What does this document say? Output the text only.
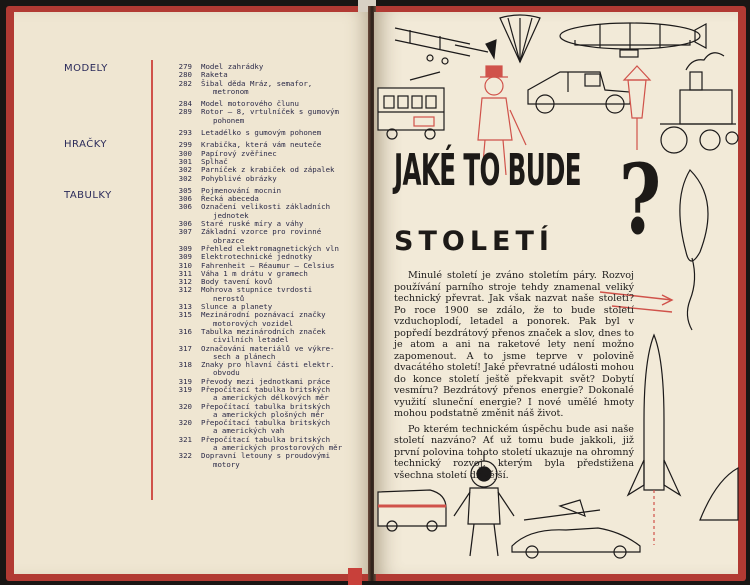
MODELY
HRAČKY
TABULKY
279	Model zahrádky
280	Raketa
282	Šibal děda Mráz, semafor,
metronom
284	Model motorového člunu
289	Rotor – 8, vrtulníček s gumovým
pohonem
293	Letadélko s gumovým pohonem
299	Krabička, která vám neuteče
300	Papírový zvěřinec
301	Splhač
302	Parníček z krabiček od zápalek
302	Pohyblivé obrázky
305	Pojmenování mocnin
306	Řecká abeceda
306	Označení velikosti základních
jednotek
306	Staré ruské míry a váhy
307	Základní vzorce pro rovinné
obrazce
309	Přehled elektromagnetických vln
309	Elektrotechnické jednotky
310	Fahrenheit – Réaumur – Celsius
311	Váha 1 m drátu v gramech
312	Body tavení kovů
312	Mohrova stupnice tvrdosti
nerostů
313	Slunce a planety
315	Mezinárodní poznávací značky
motorových vozidel
316	Tabulka mezinárodních značek
civilních letadel
317	Označování materiálů ve výkre-
sech a plánech
318	Znaky pro hlavní části elektr.
obvodu
319	Převody mezi jednotkami práce
319	Přepočítací tabulka britských
a amerických délkových měr
320	Přepočítací tabulka britských
a amerických plošných měr
320	Přepočítací tabulka britských
a amerických vah
321	Přepočítací tabulka britských
a amerických prostorových měr
322	Dopravní letouny s proudovými
motory
JAKÉ TO BUDE ?
STOLETÍ

Minulé století je zváno stoletím páry. Rozvoj používání parního stroje tehdy znamenal veliký technický převrat. Jak však nazvat naše století? Po roce 1900 se zdálo, že to bude století vzduchoplodí, letadel a ponorek. Pak byl v popředí bezdrátový přenos značek a slov, dnes to je atom a ani na raketové lety není možno zapomenout. A to jsme teprve v polovině dvacátého století! Jaké převratné události mohou do konce století ještě překvapit svět? Dobytí vesmíru? Bezdrátový přenos energie? Dokonalé využití sluneční energie? I nové umělé hmoty mohou podstatně změnit náš život.

Po kterém technickém úspěchu bude asi naše století nazváno? Ať už tomu bude jakkoli, již první polovina tohoto století ukazuje na ohromný technický rozvoj, kterým byla předstižena všechna století dřívější.
